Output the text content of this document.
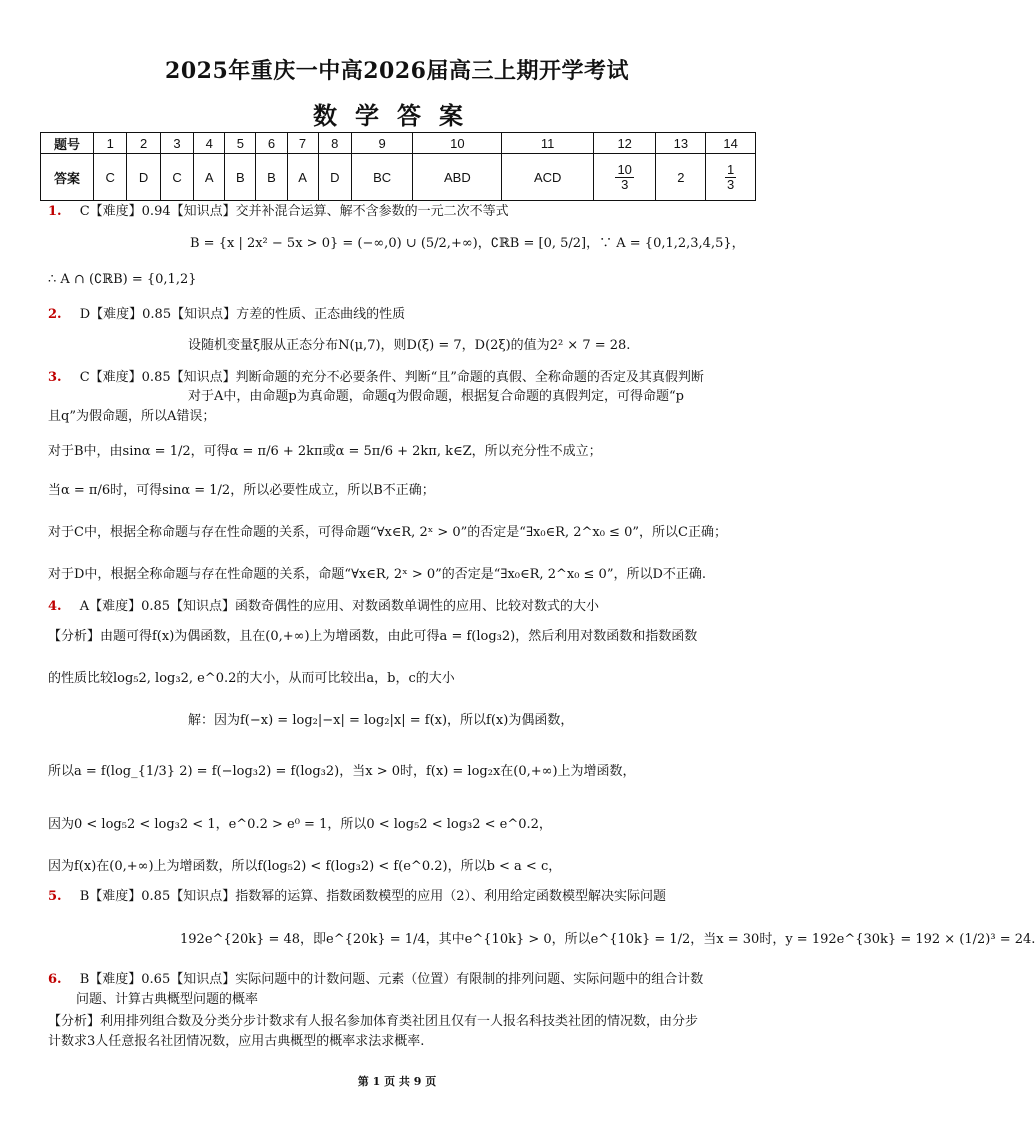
2025年重庆一中高2026届高三上期开学考试
数学答案
题号	1	2	3	4	5	6	7	8	9	10	11	12	13	14
答案	C	D	C	A	B	B	A	D	BC	ABD	ACD	$\frac{10}{3}$	2	$\frac{1}{3}$
1. C【难度】0.94【知识点】交并补混合运算、解不含参数的一元二次不等式
B = {x | 2x² − 5x > 0} = (−∞,0) ∪ (5/2,+∞)，∁ℝB = [0, 5/2]，∵ A = {0,1,2,3,4,5}，
∴ A ∩ (∁ℝB) = {0,1,2}
2. D【难度】0.85【知识点】方差的性质、正态曲线的性质
设随机变量ξ服从正态分布N(μ,7)，则D(ξ) = 7，D(2ξ)的值为2² × 7 = 28.
3. C【难度】0.85【知识点】判断命题的充分不必要条件、判断“且”命题的真假、全称命题的否定及其真假判断
对于A中，由命题p为真命题，命题q为假命题，根据复合命题的真假判定，可得命题“p
且q”为假命题，所以A错误；
对于B中，由sinα = 1/2，可得α = π/6 + 2kπ或α = 5π/6 + 2kπ, k∈Z，所以充分性不成立；
当α = π/6时，可得sinα = 1/2，所以必要性成立，所以B不正确；
对于C中，根据全称命题与存在性命题的关系，可得命题“∀x∈R, 2ˣ > 0”的否定是“∃x₀∈R, 2^x₀ ≤ 0”，所以C正确；
对于D中，根据全称命题与存在性命题的关系，命题“∀x∈R, 2ˣ > 0”的否定是“∃x₀∈R, 2^x₀ ≤ 0”，所以D不正确.
4. A【难度】0.85【知识点】函数奇偶性的应用、对数函数单调性的应用、比较对数式的大小
【分析】由题可得f(x)为偶函数，且在(0,+∞)上为增函数，由此可得a = f(log₃2)，然后利用对数函数和指数函数
的性质比较log₅2, log₃2, e^0.2的大小，从而可比较出a，b，c的大小
解：因为f(−x) = log₂|−x| = log₂|x| = f(x)，所以f(x)为偶函数，
所以a = f(log_{1/3} 2) = f(−log₃2) = f(log₃2)，当x > 0时，f(x) = log₂x在(0,+∞)上为增函数，
因为0 < log₅2 < log₃2 < 1，e^0.2 > e⁰ = 1，所以0 < log₅2 < log₃2 < e^0.2，
因为f(x)在(0,+∞)上为增函数，所以f(log₅2) < f(log₃2) < f(e^0.2)，所以b < a < c，
5. B【难度】0.85【知识点】指数幂的运算、指数函数模型的应用（2）、利用给定函数模型解决实际问题
192e^{20k} = 48，即e^{20k} = 1/4，其中e^{10k} > 0，所以e^{10k} = 1/2，当x = 30时，y = 192e^{30k} = 192 × (1/2)³ = 24.
6. B【难度】0.65【知识点】实际问题中的计数问题、元素（位置）有限制的排列问题、实际问题中的组合计数
问题、计算古典概型问题的概率
【分析】利用排列组合数及分类分步计数求有人报名参加体育类社团且仅有一人报名科技类社团的情况数，由分步
计数求3人任意报名社团情况数，应用古典概型的概率求法求概率.
第 1 页 共 9 页
